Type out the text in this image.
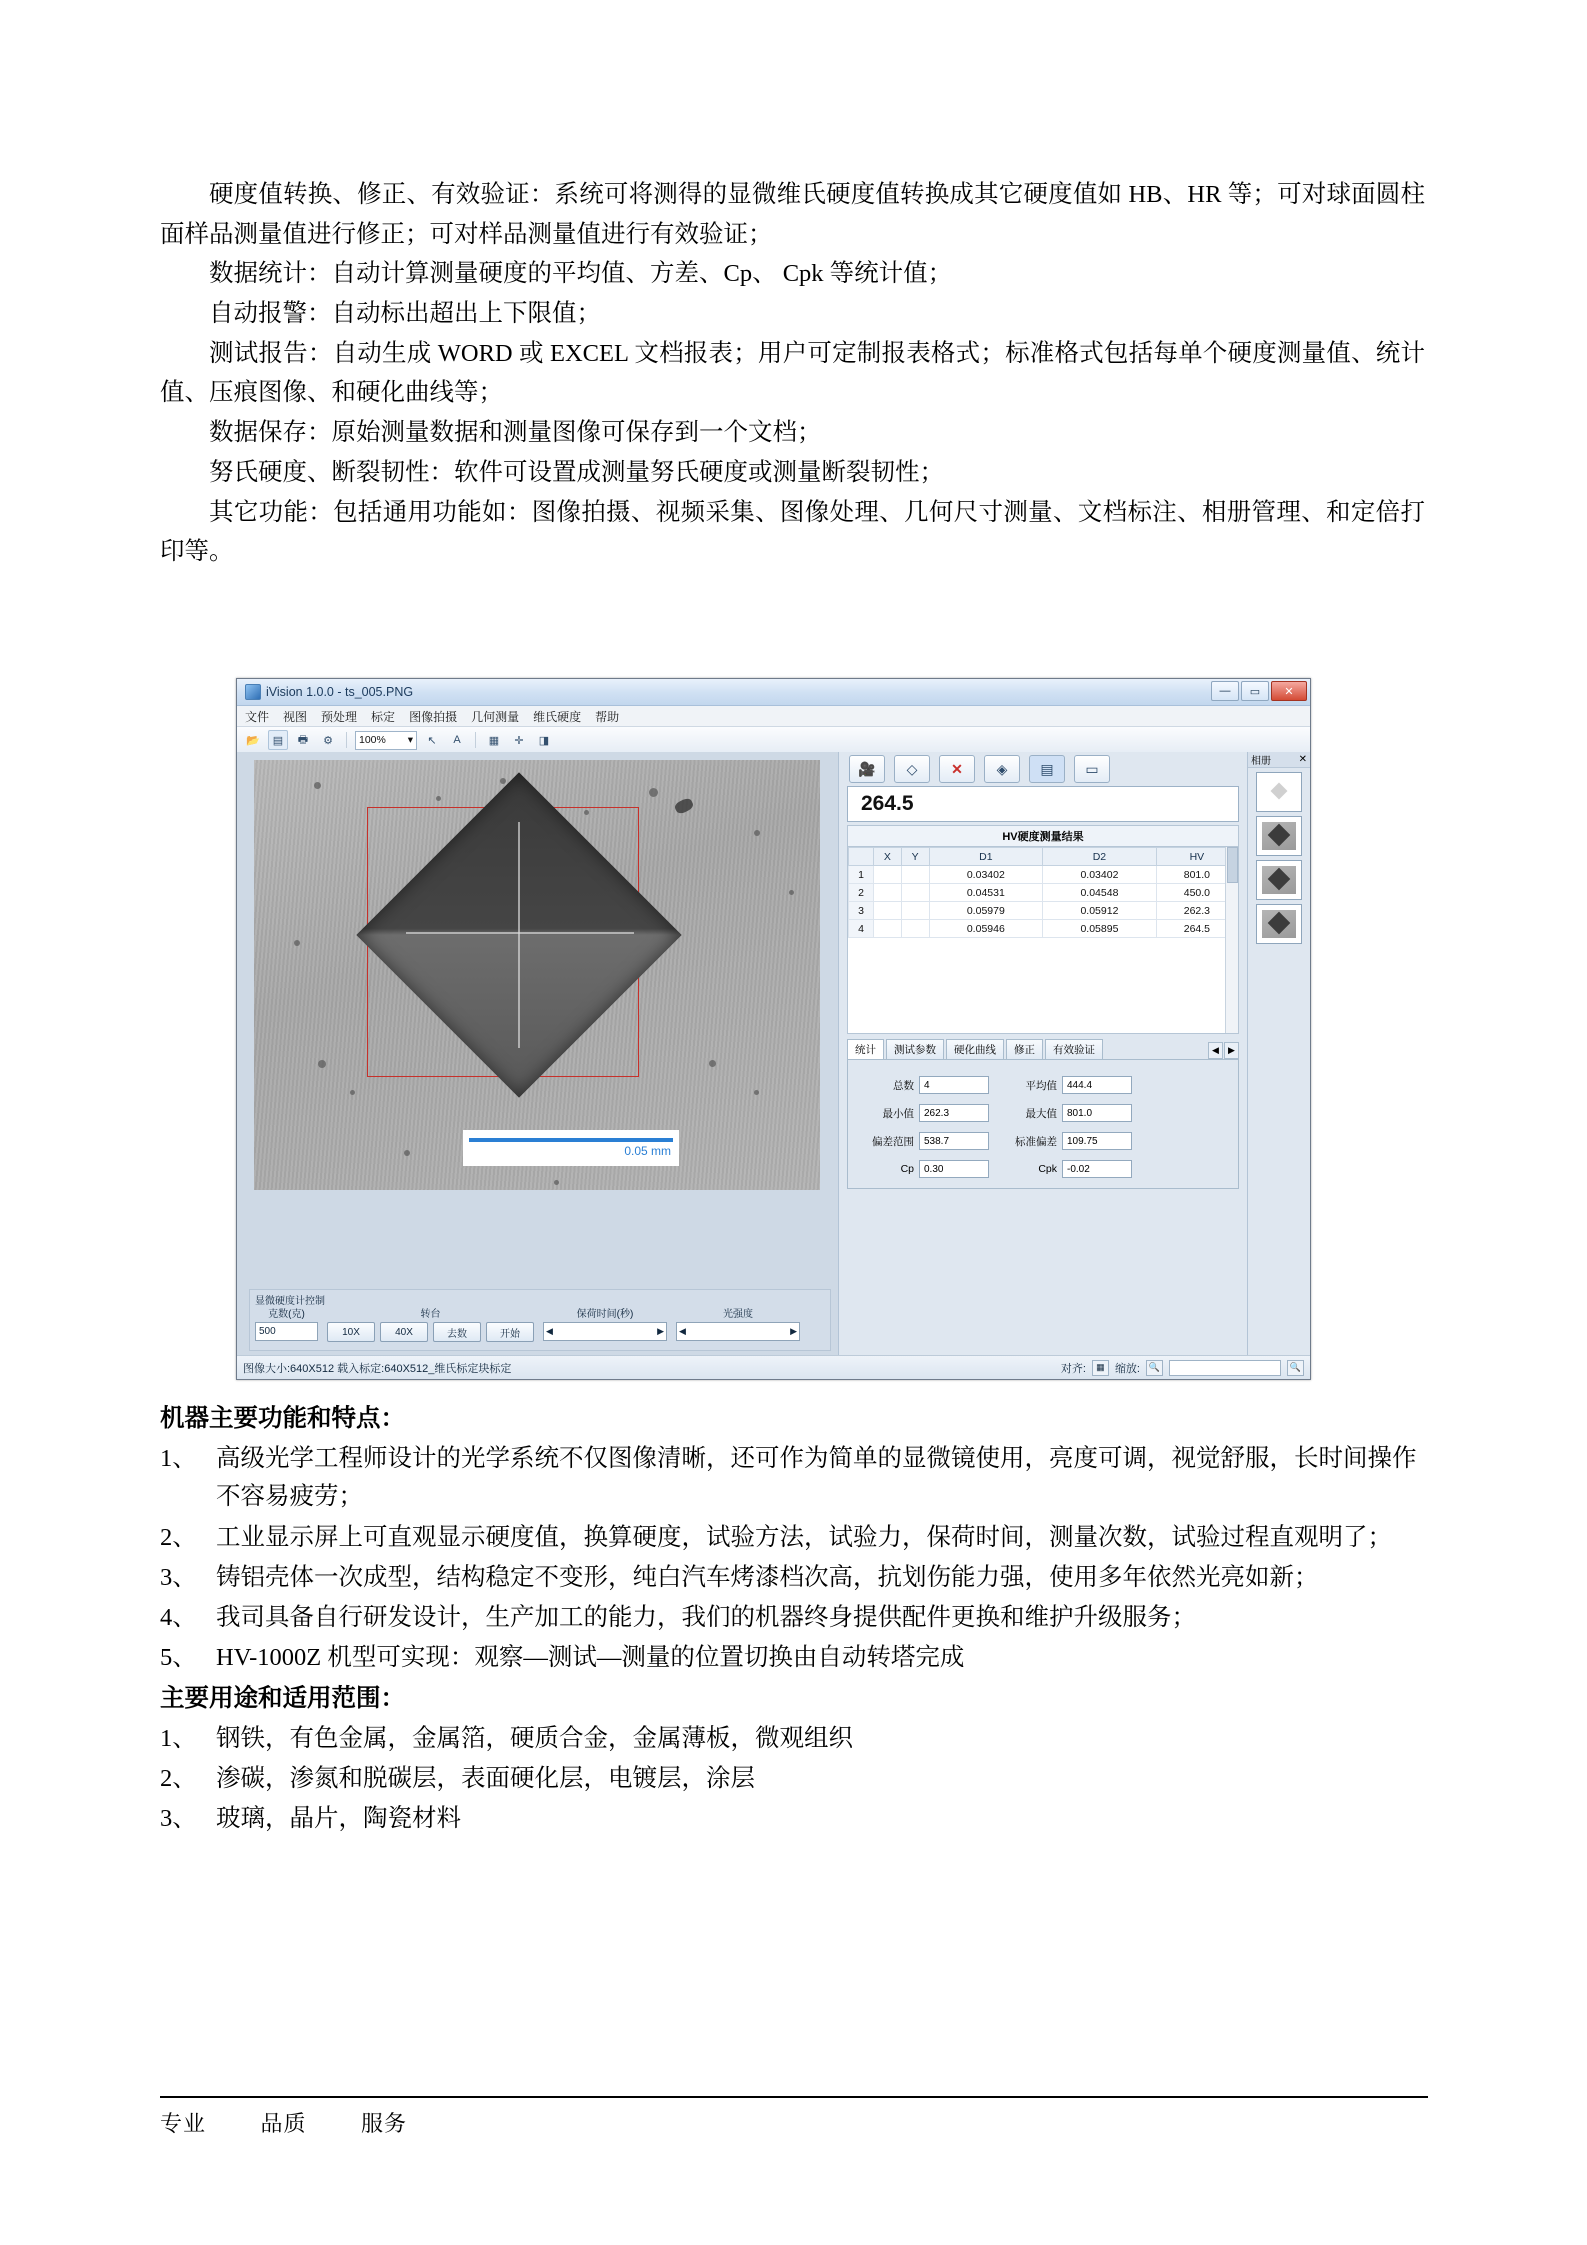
硬度值转换、修正、有效验证：系统可将测得的显微维氏硬度值转换成其它硬度值如 HB、HR 等；可对球面圆柱面样品测量值进行修正；可对样品测量值进行有效验证；

数据统计：自动计算测量硬度的平均值、方差、Cp、 Cpk 等统计值；

自动报警：自动标出超出上下限值；

测试报告：自动生成 WORD 或 EXCEL 文档报表；用户可定制报表格式；标准格式包括每单个硬度测量值、统计值、压痕图像、和硬化曲线等；

数据保存：原始测量数据和测量图像可保存到一个文档；

努氏硬度、断裂韧性：软件可设置成测量努氏硬度或测量断裂韧性；

其它功能：包括通用功能如：图像拍摄、视频采集、图像处理、几何尺寸测量、文档标注、相册管理、和定倍打印等。

iVision 1.0.0 - ts_005.PNG	—	▭	✕
文件 视图 预处理 标定 图像拍摄 几何测量 维氏硬度 帮助
📂	▤	🖶	⚙	100% ▾	↖	A	▦	✛	◨
0.05 mm
显微硬度计控制
克数(克)
500
转台
10X	40X	去数	开始
保荷时间(秒)
◀	▶
光强度
◀	▶
🎥	◇	✕	◈	▤	▭
264.5
HV硬度测量结果
	X	Y	D1	D2	HV
1			0.03402	0.03402	801.0
2			0.04531	0.04548	450.0
3			0.05979	0.05912	262.3
4			0.05946	0.05895	264.5
统计	测试参数	硬化曲线	修正	有效验证	◀	▶
总数	4	平均值	444.4
最小值	262.3	最大值	801.0
偏差范围	538.7	标准偏差	109.75
Cp	0.30	Cpk	-0.02
相册	✕
图像大小:640X512 载入标定:640X512_维氏标定块标定	对齐:	▦ 缩放: 🔍	🔍
机器主要功能和特点：
1、 高级光学工程师设计的光学系统不仅图像清晰，还可作为简单的显微镜使用，亮度可调，视觉舒服，长时间操作不容易疲劳；
2、 工业显示屏上可直观显示硬度值，换算硬度，试验方法，试验力，保荷时间，测量次数，试验过程直观明了；
3、 铸铝壳体一次成型，结构稳定不变形，纯白汽车烤漆档次高，抗划伤能力强，使用多年依然光亮如新；
4、 我司具备自行研发设计，生产加工的能力，我们的机器终身提供配件更换和维护升级服务；
5、 HV-1000Z 机型可实现：观察—测试—测量的位置切换由自动转塔完成
主要用途和适用范围：
1、 钢铁，有色金属，金属箔，硬质合金，金属薄板，微观组织
2、 渗碳，渗氮和脱碳层，表面硬化层，电镀层，涂层
3、 玻璃，晶片，陶瓷材料
专业 品质 服务
